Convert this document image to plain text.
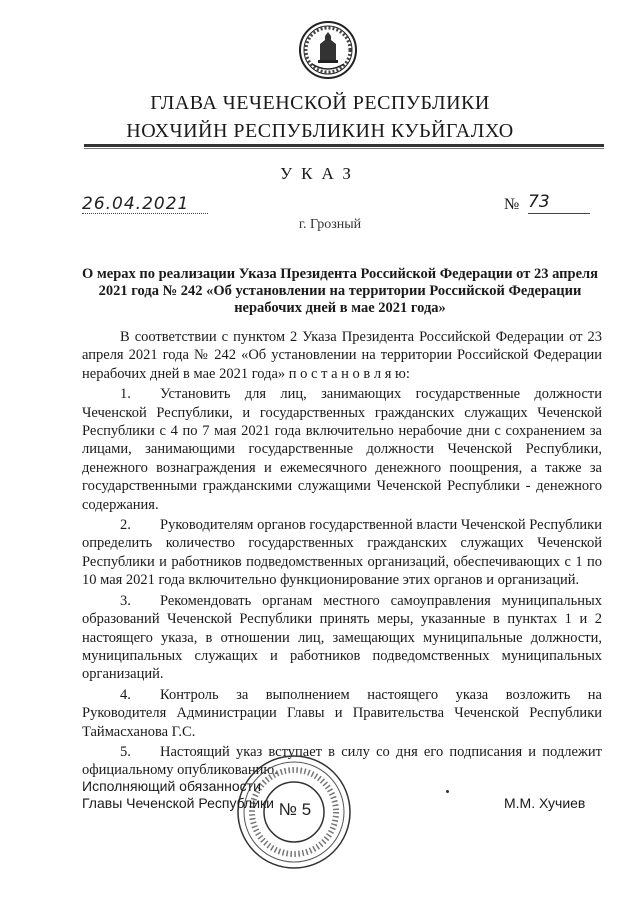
ГЛАВА ЧЕЧЕНСКОЙ РЕСПУБЛИКИ
НОХЧИЙН РЕСПУБЛИКИН КУЬЙГАЛХО
УКАЗ
26.04.2021	№ 73
г. Грозный
О мерах по реализации Указа Президента Российской Федерации от 23 апреля 2021 года № 242 «Об установлении на территории Российской Федерации нерабочих дней в мае 2021 года»

В соответствии с пунктом 2 Указа Президента Российской Федерации от 23 апреля 2021 года № 242 «Об установлении на территории Российской Федерации нерабочих дней в мае 2021 года» п о с т а н о в л я ю:

1. Установить для лиц, занимающих государственные должности Чеченской Республики, и государственных гражданских служащих Чеченской Республики с 4 по 7 мая 2021 года включительно нерабочие дни с сохранением за лицами, занимающими государственные должности Чеченской Республики, денежного вознаграждения и ежемесячного денежного поощрения, а также за государственными гражданскими служащими Чеченской Республики - денежного содержания.

2. Руководителям органов государственной власти Чеченской Республики определить количество государственных гражданских служащих Чеченской Республики и работников подведомственных организаций, обеспечивающих с 1 по 10 мая 2021 года включительно функционирование этих органов и организаций.

3. Рекомендовать органам местного самоуправления муниципальных образований Чеченской Республики принять меры, указанные в пунктах 1 и 2 настоящего указа, в отношении лиц, замещающих муниципальные должности, муниципальных служащих и работников подведомственных муниципальных организаций.

4. Контроль за выполнением настоящего указа возложить на Руководителя Администрации Главы и Правительства Чеченской Республики Таймасханова Г.С.

5. Настоящий указ вступает в силу со дня его подписания и подлежит официальному опубликованию.

№ 5
Исполняющий обязанности
Главы Чеченской Республики	М.М. Хучиев
